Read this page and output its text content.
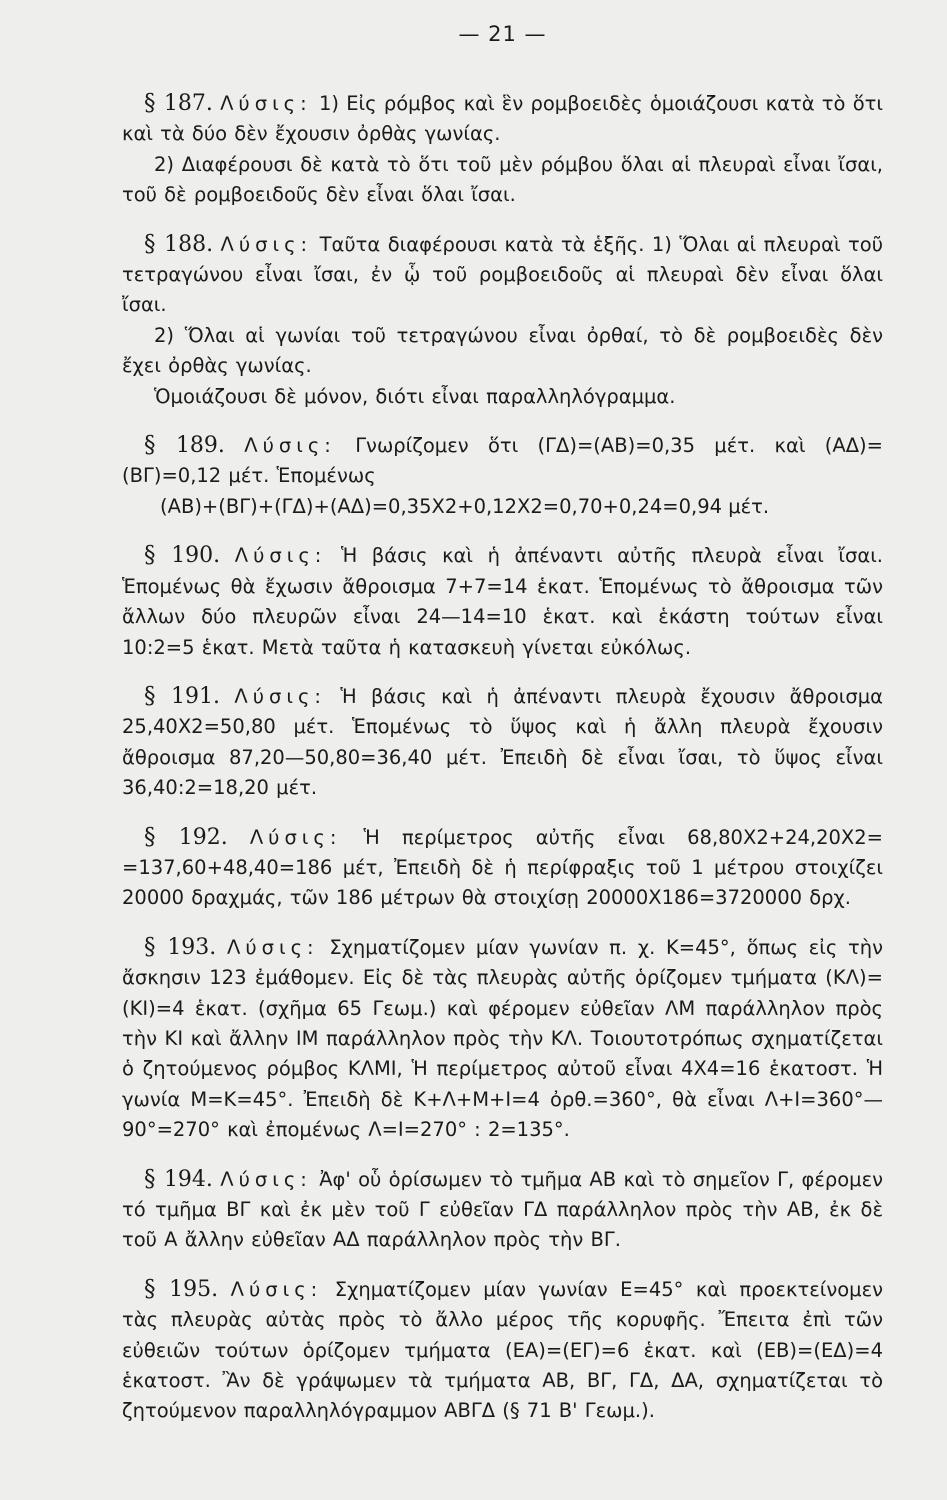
— 21 —

§ 187. Λύσις: 1) Εἰς ρόμβος καὶ ἓν ρομβοειδὲς ὁμοιάζουσι κατὰ τὸ ὅτι καὶ τὰ δύο δὲν ἔχουσιν ὀρθὰς γωνίας.

2) Διαφέρουσι δὲ κατὰ τὸ ὅτι τοῦ μὲν ρόμβου ὅλαι αἱ πλευραὶ εἶναι ἴσαι, τοῦ δὲ ρομβοειδοῦς δὲν εἶναι ὅλαι ἴσαι.

§ 188. Λύσις: Ταῦτα διαφέρουσι κατὰ τὰ ἑξῆς. 1) Ὅλαι αἱ πλευραὶ τοῦ τετραγώνου εἶναι ἴσαι, ἐν ᾧ τοῦ ρομβοειδοῦς αἱ πλευραὶ δὲν εἶναι ὅλαι ἴσαι.

2) Ὅλαι αἱ γωνίαι τοῦ τετραγώνου εἶναι ὀρθαί, τὸ δὲ ρομβοειδὲς δὲν ἔχει ὀρθὰς γωνίας.

Ὁμοιάζουσι δὲ μόνον, διότι εἶναι παραλληλόγραμμα.

§ 189. Λύσις: Γνωρίζομεν ὅτι (ΓΔ)=(ΑΒ)=0,35 μέτ. καὶ (ΑΔ)=(ΒΓ)=0,12 μέτ. Ἑπομένως

(ΑΒ)+(ΒΓ)+(ΓΔ)+(ΑΔ)=0,35Χ2+0,12Χ2=0,70+0,24=0,94 μέτ.

§ 190. Λύσις: Ἡ βάσις καὶ ἡ ἀπέναντι αὐτῆς πλευρὰ εἶναι ἴσαι. Ἑπομένως θὰ ἔχωσιν ἄθροισμα 7+7=14 ἑκατ. Ἑπομένως τὸ ἄθροισμα τῶν ἄλλων δύο πλευρῶν εἶναι 24—14=10 ἑκατ. καὶ ἑκάστη τούτων εἶναι 10:2=5 ἑκατ. Μετὰ ταῦτα ἡ κατασκευὴ γίνεται εὐκόλως.

§ 191. Λύσις: Ἡ βάσις καὶ ἡ ἀπέναντι πλευρὰ ἔχουσιν ἄθροισμα 25,40Χ2=50,80 μέτ. Ἑπομένως τὸ ὕψος καὶ ἡ ἄλλη πλευρὰ ἔχουσιν ἄθροισμα 87,20—50,80=36,40 μέτ. Ἐπειδὴ δὲ εἶναι ἴσαι, τὸ ὕψος εἶναι 36,40:2=18,20 μέτ.

§ 192. Λύσις: Ἡ περίμετρος αὐτῆς εἶναι 68,80Χ2+24,20Χ2= =137,60+48,40=186 μέτ, Ἐπειδὴ δὲ ἡ περίφραξις τοῦ 1 μέτρου στοιχίζει 20000 δραχμάς, τῶν 186 μέτρων θὰ στοιχίσῃ 20000Χ186=3720000 δρχ.

§ 193. Λύσις: Σχηματίζομεν μίαν γωνίαν π. χ. Κ=45°, ὅπως εἰς τὴν ἄσκησιν 123 ἐμάθομεν. Εἰς δὲ τὰς πλευρὰς αὐτῆς ὁρίζομεν τμήματα (ΚΛ)=(ΚΙ)=4 ἑκατ. (σχῆμα 65 Γεωμ.) καὶ φέρομεν εὐθεῖαν ΛΜ παράλληλον πρὸς τὴν ΚΙ καὶ ἄλλην ΙΜ παράλληλον πρὸς τὴν ΚΛ. Τοιουτοτρόπως σχηματίζεται ὁ ζητούμενος ρόμβος ΚΛΜΙ, Ἡ περίμετρος αὐτοῦ εἶναι 4Χ4=16 ἑκατοστ. Ἡ γωνία Μ=Κ=45°. Ἐπειδὴ δὲ Κ+Λ+Μ+Ι=4 ὀρθ.=360°, θὰ εἶναι Λ+Ι=360°—90°=270° καὶ ἐπομένως Λ=Ι=270° : 2=135°.

§ 194. Λύσις: Ἀφ' οὗ ὁρίσωμεν τὸ τμῆμα ΑΒ καὶ τὸ σημεῖον Γ, φέρομεν τό τμῆμα ΒΓ καὶ ἐκ μὲν τοῦ Γ εὐθεῖαν ΓΔ παράλληλον πρὸς τὴν ΑΒ, ἐκ δὲ τοῦ Α ἄλλην εὐθεῖαν ΑΔ παράλληλον πρὸς τὴν ΒΓ.

§ 195. Λύσις: Σχηματίζομεν μίαν γωνίαν Ε=45° καὶ προεκτείνομεν τὰς πλευρὰς αὐτὰς πρὸς τὸ ἄλλο μέρος τῆς κορυφῆς. Ἔπειτα ἐπὶ τῶν εὐθειῶν τούτων ὁρίζομεν τμήματα (ΕΑ)=(ΕΓ)=6 ἑκατ. καὶ (ΕΒ)=(ΕΔ)=4 ἑκατοστ. Ἂν δὲ γράψωμεν τὰ τμήματα ΑΒ, ΒΓ, ΓΔ, ΔΑ, σχηματίζεται τὸ ζητούμενον παραλληλόγραμμον ΑΒΓΔ (§ 71 Β' Γεωμ.).
